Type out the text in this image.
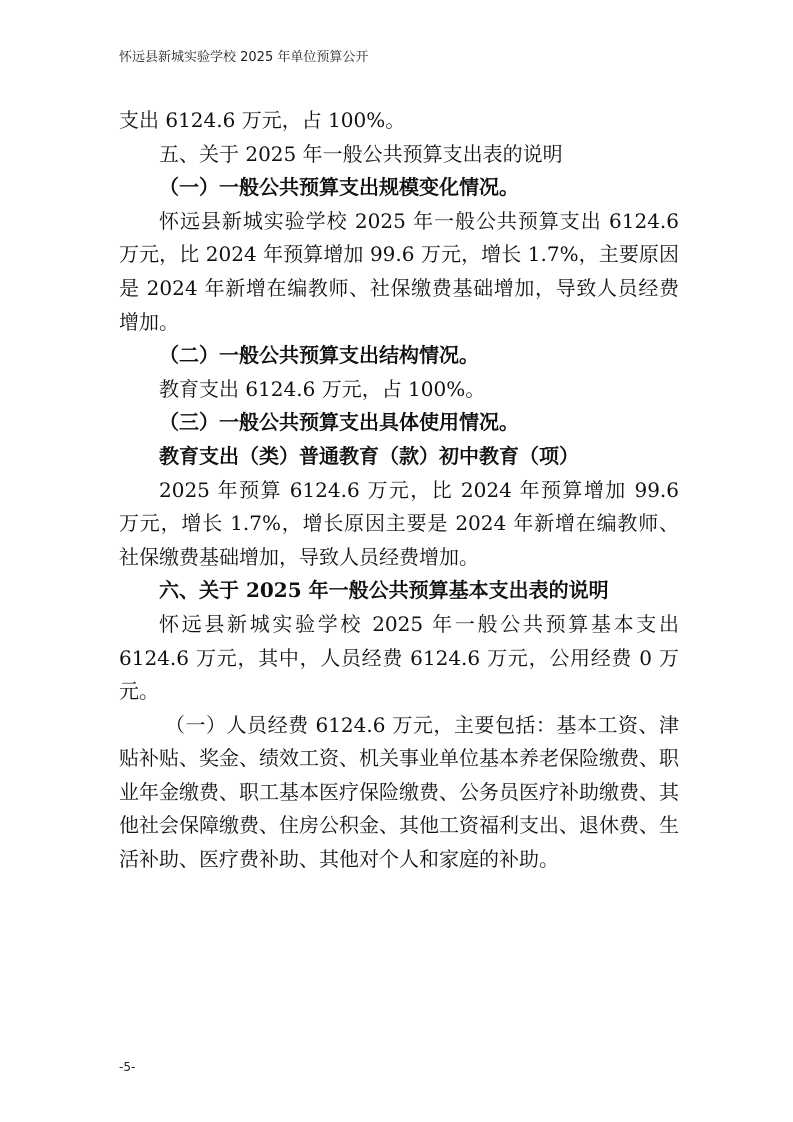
怀远县新城实验学校 2025 年单位预算公开

支出 6124.6 万元，占 100%。

五、关于 2025 年一般公共预算支出表的说明

（一）一般公共预算支出规模变化情况。

怀远县新城实验学校 2025 年一般公共预算支出 6124.6 万元，比 2024 年预算增加 99.6 万元，增长 1.7%，主要原因是 2024 年新增在编教师、社保缴费基础增加，导致人员经费增加。

（二）一般公共预算支出结构情况。

教育支出 6124.6 万元，占 100%。

（三）一般公共预算支出具体使用情况。

教育支出（类）普通教育（款）初中教育（项）

2025 年预算 6124.6 万元，比 2024 年预算增加 99.6 万元，增长 1.7%，增长原因主要是 2024 年新增在编教师、社保缴费基础增加，导致人员经费增加。

六、关于 2025 年一般公共预算基本支出表的说明

怀远县新城实验学校 2025 年一般公共预算基本支出 6124.6 万元，其中，人员经费 6124.6 万元，公用经费 0 万元。

（一）人员经费 6124.6 万元，主要包括：基本工资、津贴补贴、奖金、绩效工资、机关事业单位基本养老保险缴费、职业年金缴费、职工基本医疗保险缴费、公务员医疗补助缴费、其他社会保障缴费、住房公积金、其他工资福利支出、退休费、生活补助、医疗费补助、其他对个人和家庭的补助。

-5-
